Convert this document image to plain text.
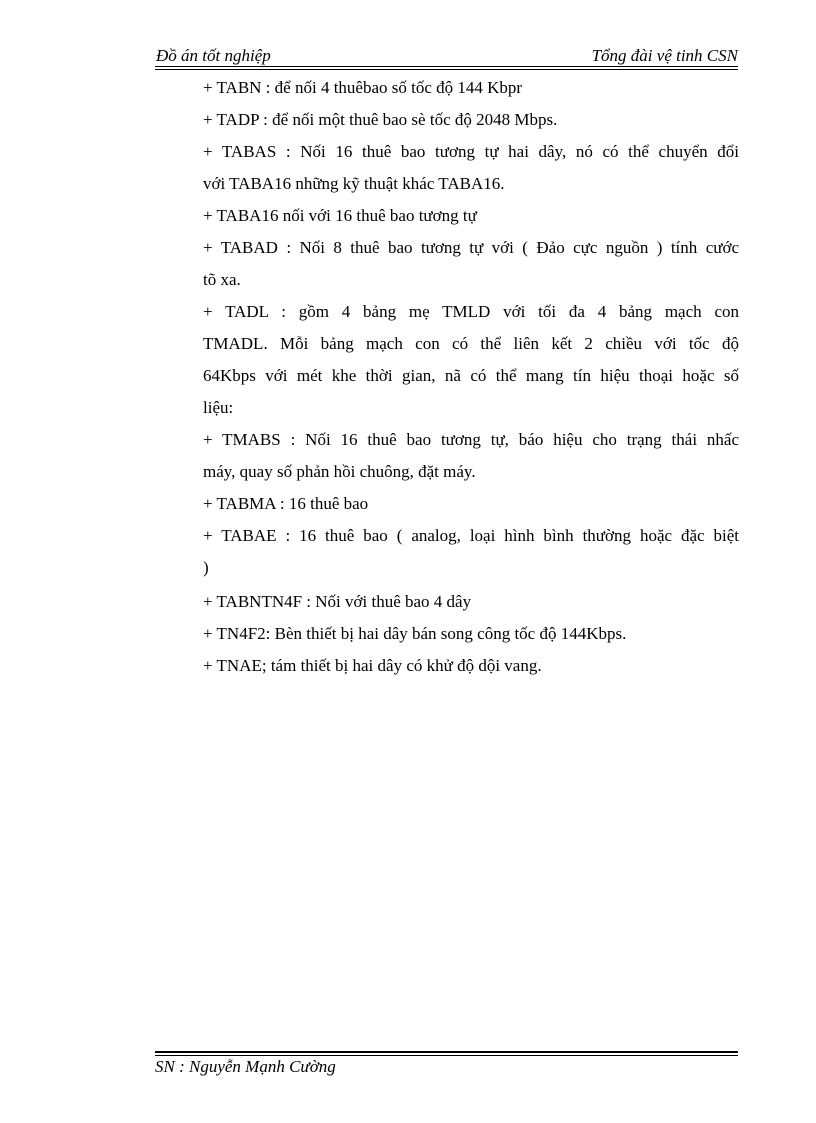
Đồ án tốt nghiệp	Tổng đài vệ tinh CSN
+ TABN : để nối 4 thuêbao số tốc độ 144 Kbpr
+ TADP : để nối một thuê bao sè tốc độ 2048 Mbps.
+ TABAS : Nối 16 thuê bao tương tự hai dây, nó có thể chuyển đổi
với TABA16 những kỹ thuật khác TABA16.
+ TABA16 nối với 16 thuê bao tương tự
+ TABAD : Nối 8 thuê bao tương tự với ( Đảo cực nguồn ) tính cước
tõ xa.
+ TADL : gồm 4 bảng mẹ TMLD với tối đa 4 bảng mạch con
TMADL. Mỗi bảng mạch con có thể liên kết 2 chiều với tốc độ
64Kbps với mét khe thời gian, nã có thể mang tín hiệu thoại hoặc số
liệu:
+ TMABS : Nối 16 thuê bao tương tự, báo hiệu cho trạng thái nhấc
máy, quay số phản hồi chuông, đặt máy.
+ TABMA : 16 thuê bao
+ TABAE : 16 thuê bao ( analog, loại hình bình thường hoặc đặc biệt
)
+ TABNTN4F : Nối với thuê bao 4 dây
+ TN4F2: Bèn thiết bị hai dây bán song công tốc độ 144Kbps.
+ TNAE; tám thiết bị hai dây có khử độ dội vang.
SN : Nguyễn Mạnh Cường
